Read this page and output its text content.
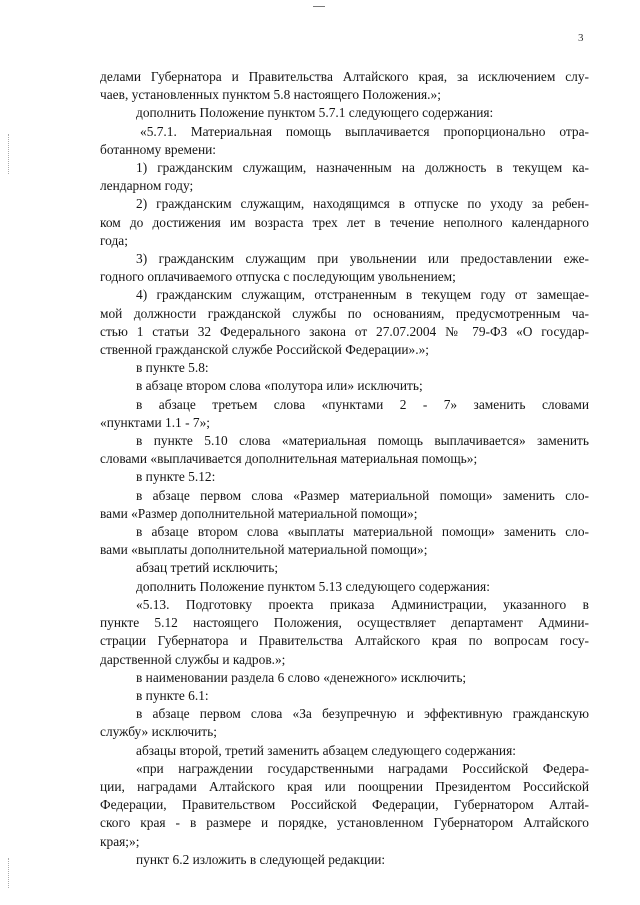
3

делами Губернатора и Правительства Алтайского края, за исключением слу-

чаев, установленных пунктом 5.8 настоящего Положения.»;

дополнить Положение пунктом 5.7.1 следующего содержания:

«5.7.1. Материальная помощь выплачивается пропорционально отра-

ботанному времени:

1) гражданским служащим, назначенным на должность в текущем ка-

лендарном году;

2) гражданским служащим, находящимся в отпуске по уходу за ребен-

ком до достижения им возраста трех лет в течение неполного календарного

года;

3) гражданским служащим при увольнении или предоставлении еже-

годного оплачиваемого отпуска с последующим увольнением;

4) гражданским служащим, отстраненным в текущем году от замещае-

мой должности гражданской службы по основаниям, предусмотренным ча-

стью 1 статьи 32 Федерального закона от 27.07.2004 № 79-ФЗ «О государ-

ственной гражданской службе Российской Федерации».»;

в пункте 5.8:

в абзаце втором слова «полутора или» исключить;

в абзаце третьем слова «пунктами 2 - 7» заменить словами

«пунктами 1.1 - 7»;

в пункте 5.10 слова «материальная помощь выплачивается» заменить

словами «выплачивается дополнительная материальная помощь»;

в пункте 5.12:

в абзаце первом слова «Размер материальной помощи» заменить сло-

вами «Размер дополнительной материальной помощи»;

в абзаце втором слова «выплаты материальной помощи» заменить сло-

вами «выплаты дополнительной материальной помощи»;

абзац третий исключить;

дополнить Положение пунктом 5.13 следующего содержания:

«5.13. Подготовку проекта приказа Администрации, указанного в

пункте 5.12 настоящего Положения, осуществляет департамент Админи-

страции Губернатора и Правительства Алтайского края по вопросам госу-

дарственной службы и кадров.»;

в наименовании раздела 6 слово «денежного» исключить;

в пункте 6.1:

в абзаце первом слова «За безупречную и эффективную гражданскую

службу» исключить;

абзацы второй, третий заменить абзацем следующего содержания:

«при награждении государственными наградами Российской Федера-

ции, наградами Алтайского края или поощрении Президентом Российской

Федерации, Правительством Российской Федерации, Губернатором Алтай-

ского края - в размере и порядке, установленном Губернатором Алтайского

края;»;

пункт 6.2 изложить в следующей редакции:
